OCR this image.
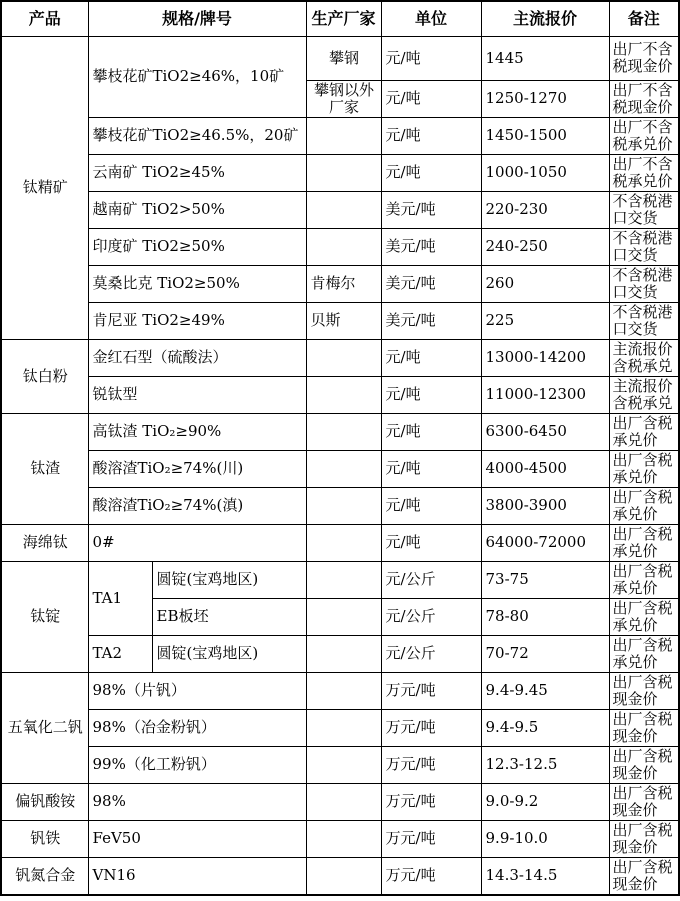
产品	规格/牌号		生产厂家	单位	主流报价	备注
钛精矿	攀枝花矿TiO2≥46%，10矿		攀钢	元/吨	1445	出厂不含税现金价
			攀钢以外厂家	元/吨	1250-1270	出厂不含税现金价
	攀枝花矿TiO2≥46.5%，20矿			元/吨	1450-1500	出厂不含税承兑价
	云南矿 TiO2≥45%			元/吨	1000-1050	出厂不含税承兑价
	越南矿 TiO2>50%			美元/吨	220-230	不含税港口交货
	印度矿 TiO2≥50%			美元/吨	240-250	不含税港口交货
	莫桑比克 TiO2≥50%		肯梅尔	美元/吨	260	不含税港口交货
	肯尼亚 TiO2≥49%		贝斯	美元/吨	225	不含税港口交货
钛白粉	金红石型（硫酸法）			元/吨	13000-14200	主流报价含税承兑
	锐钛型			元/吨	11000-12300	主流报价含税承兑
钛渣	高钛渣 TiO₂≥90%			元/吨	6300-6450	出厂含税承兑价
	酸溶渣TiO₂≥74%(川)			元/吨	4000-4500	出厂含税承兑价
	酸溶渣TiO₂≥74%(滇)			元/吨	3800-3900	出厂含税承兑价
海绵钛	0#			元/吨	64000-72000	出厂含税承兑价
钛锭	TA1	圆锭(宝鸡地区)		元/公斤	73-75	出厂含税承兑价
		EB板坯		元/公斤	78-80	出厂含税承兑价
	TA2	圆锭(宝鸡地区)		元/公斤	70-72	出厂含税承兑价
五氧化二钒	98%（片钒）			万元/吨	9.4-9.45	出厂含税现金价
	98%（冶金粉钒）			万元/吨	9.4-9.5	出厂含税现金价
	99%（化工粉钒）			万元/吨	12.3-12.5	出厂含税现金价
偏钒酸铵	98%			万元/吨	9.0-9.2	出厂含税现金价
钒铁	FeV50			万元/吨	9.9-10.0	出厂含税现金价
钒氮合金	VN16			万元/吨	14.3-14.5	出厂含税现金价
